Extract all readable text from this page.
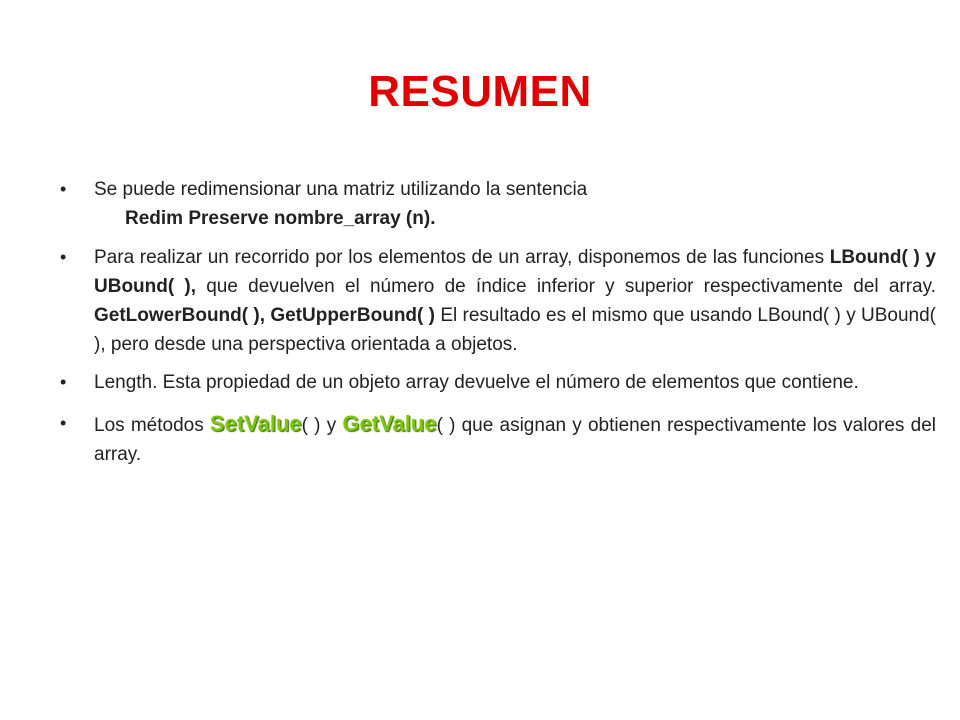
RESUMEN
• Se puede redimensionar una matriz utilizando la sentencia
Redim Preserve nombre_array (n).
• Para realizar un recorrido por los elementos de un array, disponemos de las funciones LBound( ) y UBound( ), que devuelven el número de índice inferior y superior respectivamente del array. GetLowerBound( ), GetUpperBound( ) El resultado es el mismo que usando LBound( ) y UBound( ), pero desde una perspectiva orientada a objetos.
• Length. Esta propiedad de un objeto array devuelve el número de elementos que contiene.
• Los métodos SetValue( ) y GetValue( ) que asignan y obtienen respectivamente los valores del array.
